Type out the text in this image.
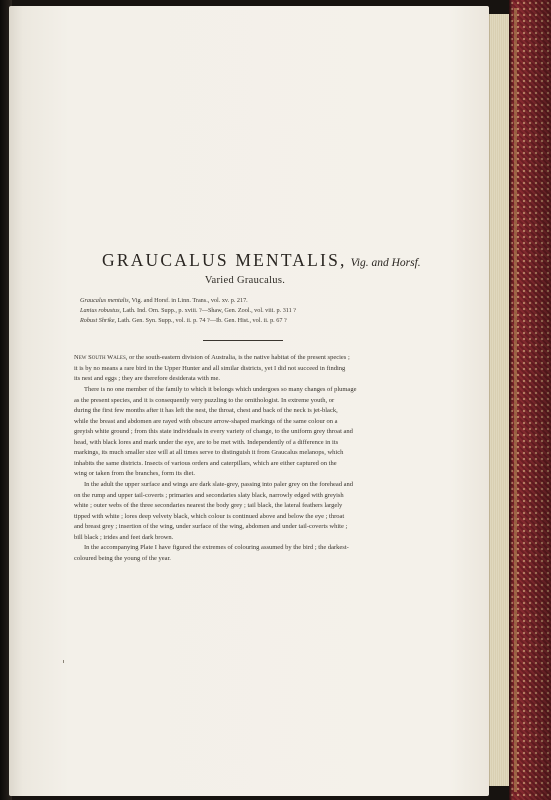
GRAUCALUS MENTALIS, Vig. and Horsf.
Varied Graucalus.
Graucalus mentalis, Vig. and Horsf. in Linn. Trans., vol. xv. p. 217.
Lanius robustus, Lath. Ind. Orn. Supp., p. xviii. ?—Shaw, Gen. Zool., vol. viii. p. 311 ?
Robust Shrike, Lath. Gen. Syn. Supp., vol. ii. p. 74 ?—Ib. Gen. Hist., vol. ii. p. 67 ?
New South Wales, or the south-eastern division of Australia, is the native habitat of the present species ;
it is by no means a rare bird in the Upper Hunter and all similar districts, yet I did not succeed in finding
its nest and eggs ; they are therefore desiderata with me.
There is no one member of the family to which it belongs which undergoes so many changes of plumage
as the present species, and it is consequently very puzzling to the ornithologist. In extreme youth, or
during the first few months after it has left the nest, the throat, chest and back of the neck is jet-black,
while the breast and abdomen are rayed with obscure arrow-shaped markings of the same colour on a
greyish white ground ; from this state individuals in every variety of change, to the uniform grey throat and
head, with black lores and mark under the eye, are to be met with. Independently of a difference in its
markings, its much smaller size will at all times serve to distinguish it from Graucalus melanops, which
inhabits the same districts. Insects of various orders and caterpillars, which are either captured on the
wing or taken from the branches, form its diet.
In the adult the upper surface and wings are dark slate-grey, passing into paler grey on the forehead and
on the rump and upper tail-coverts ; primaries and secondaries slaty black, narrowly edged with greyish
white ; outer webs of the three secondaries nearest the body grey ; tail black, the lateral feathers largely
tipped with white ; lores deep velvety black, which colour is continued above and below the eye ; throat
and breast grey ; insertion of the wing, under surface of the wing, abdomen and under tail-coverts white ;
bill black ; irides and feet dark brown.
In the accompanying Plate I have figured the extremes of colouring assumed by the bird ; the darkest-
coloured being the young of the year.
